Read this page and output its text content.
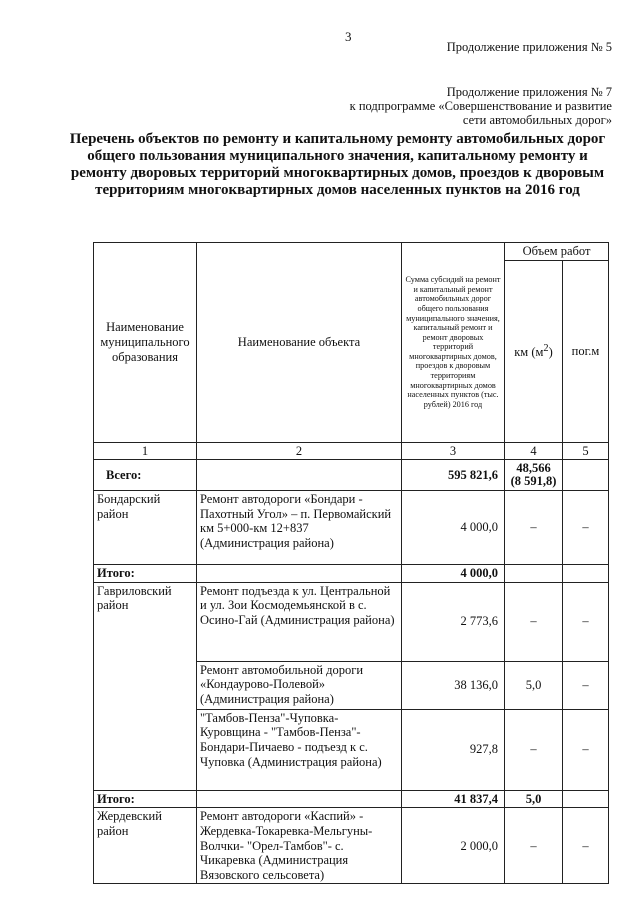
3
Продолжение приложения № 5
Продолжение приложения № 7
к подпрограмме «Совершенствование и развитие
сети автомобильных дорог»
Перечень объектов по ремонту и капитальному ремонту автомобильных дорог общего пользования муниципального значения, капитальному ремонту и ремонту дворовых территорий многоквартирных домов, проездов к дворовым территориям многоквартирных домов населенных пунктов на 2016 год
Наименование муниципального образования	Наименование объекта	Сумма субсидий на ремонт и капитальный ремонт автомобильных дорог общего пользования муниципального значения, капитальный ремонт и ремонт дворовых территорий многоквартирных домов, проездов к дворовым территориям многоквартирных домов населенных пунктов (тыс. рублей) 2016 год	Объем работ	
			км $(м^2)$	пог.м
1	2	3	4	5
Всего:		595 821,6	48,566
(8 591,8)	

Бондарский район	Ремонт автодороги «Бондари - Пахотный Угол» – п. Первомайский км 5+000-км 12+837 (Администрация района)	4 000,0	–	–
Итого:		4 000,0		
Гавриловский район	Ремонт подъезда к ул. Центральной и ул. Зои Космодемьянской в с. Осино-Гай (Администрация района)	2 773,6	–	–
	Ремонт автомобильной дороги «Кондаурово-Полевой» (Администрация района)	38 136,0	5,0	–
	"Тамбов-Пенза"-Чуповка-Куровщина - "Тамбов-Пенза"-Бондари-Пичаево - подъезд к с. Чуповка (Администрация района)	927,8	–	–
Итого:		41 837,4	5,0	
Жердевский район	Ремонт автодороги «Каспий» - Жердевка-Токаревка-Мельгуны-Волчки- "Орел-Тамбов"- с. Чикаревка (Администрация Вязовского сельсовета)	2 000,0	–	–
